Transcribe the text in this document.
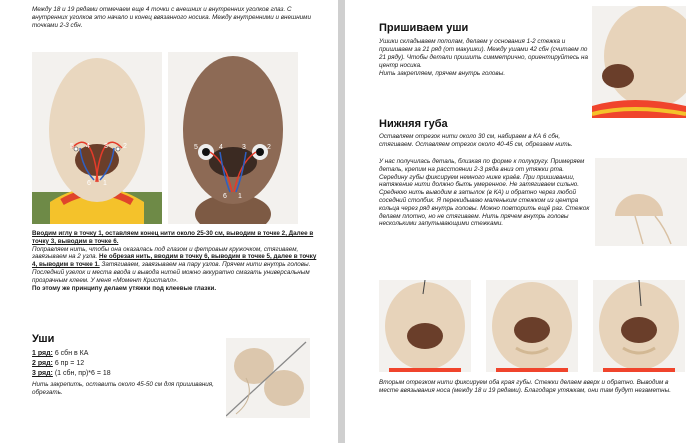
Между 18 и 19 рядами отмечаем еще 4 точки с внешних и внутренних уголков глаз. С внутренних уголков это начало и конец ввязанного носика. Между внутренними и внешними точками 2-3 сбн.

5 4 3 2
6 1
5	4	3	2
6 1

Вводим иглу в точку 1, оставляем конец нити около 25-30 см, выводим в точке 2, Далее в точку 3, выводим в точке 6.

Поправляем нить, чтобы она оказалась под глазом и фетровым кружочком, стягиваем, завязываем на 2 узла. Не обрезая нить, вводим в точку 6, выводим в точке 5, далее в точку 4, выводим в точке 1. Затягиваем, завязываем на пару узлов. Прячем нити внутрь головы. Последний узелок и места ввода и вывода нитей можно аккуратно смазать универсальным прозрачным клеем. У меня «Момент Кристалл».

По этому же принципу делаем утяжки под клеевые глазки.

Уши
1 ряд: 6 сбн в КА
2 ряд: 6 пр = 12
3 ряд: (1 сбн, пр)*6 = 18

Нить закрепить, оставить около 45-50 см для пришивания, обрезать.

Пришиваем уши

Ушики складываем пополам, делаем у основания 1-2 стежка и пришиваем за 21 ряд (от макушки). Между ушами 42 сбн (считаем по 21 ряду). Чтобы детали пришить симметрично, ориентируйтесь на центр носика.

Нить закрепляем, прячем внутрь головы.

Нижняя губа

Оставляем отрезок нити около 30 см, набираем в КА 6 сбн, стягиваем. Оставляем отрезок около 40-45 см, обрезаем нить.

У нас получилась деталь, близкая по форме к полукругу. Примеряем деталь, крепим на расстоянии 2-3 ряда вниз от утяжки рта. Середину губы фиксируем немного ниже краёв. При пришивании, натяжение нити должно быть умеренное. Не затягиваем сильно. Среднюю нить выводим в затылок (в КА) и обратно через любой соседний столбик. Я перекидываю маленьким стежком из центра кольца через ряд внутрь головы. Можно повторить ещё раз. Стежок делаем плотно, но не стягиваем. Нить прячем внутрь головы несколькими запутывающими стежками.

Вторым отрезком нити фиксируем оба края губы. Стежки делаем вверх и обратно. Выводим в месте ввязывания носа (между 18 и 19 рядами). Благодаря утяжкам, они там будут незаметны.
